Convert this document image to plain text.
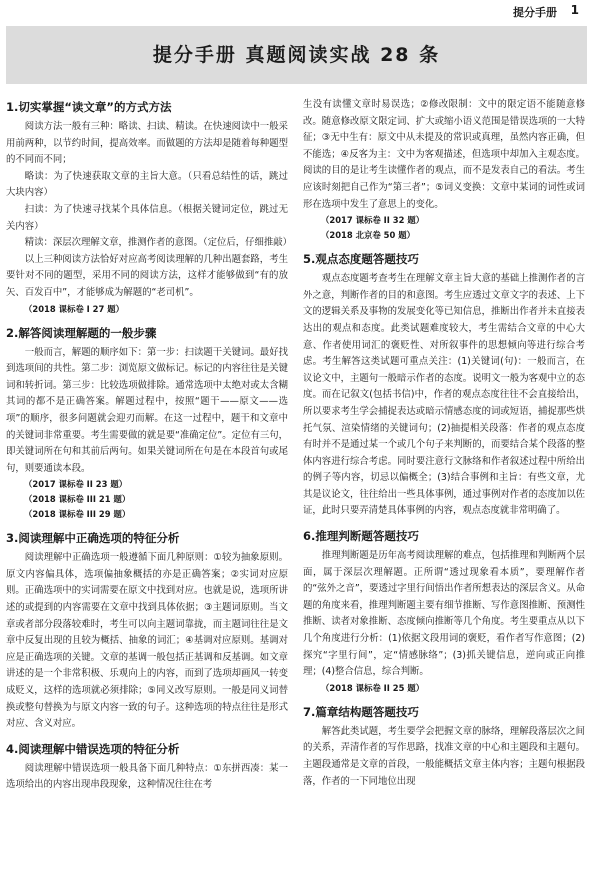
提分手册 1
提分手册 真题阅读实战 28 条
1.切实掌握“读文章”的方式方法

阅读方法一般有三种：略读、扫读、精读。在快速阅读中一般采用前两种，以节约时间，提高效率。而做题的方法却是随着每种题型的不同而不同；

略读：为了快速获取文章的主旨大意。（只看总结性的话，跳过大块内容）

扫读：为了快速寻找某个具体信息。（根据关键词定位，跳过无关内容）

精读：深层次理解文章，推测作者的意图。（定位后，仔细推敲）

以上三种阅读方法恰好对应高考阅读理解的几种出题套路，考生要针对不同的题型，采用不同的阅读方法，这样才能够做到“有的放矢、百发百中”，才能够成为解题的“老司机”。

（2018 课标卷 I 27 题）

2.解答阅读理解题的一般步骤

一般而言，解题的顺序如下：第一步：扫读题干关键词。最好找到选项间的共性。第二步：浏览原文做标记。标记的内容往往是关键词和转折词。第三步：比较选项做排除。通常选项中太绝对或太含糊其词的都不是正确答案。解题过程中，按照“题干——原文——选项”的顺序，很多问题就会迎刃而解。在这一过程中，题干和文章中的关键词非常重要。考生需要做的就是要“准确定位”。定位有三句，即关键词所在句和其前后两句。如果关键词所在句是在本段首句或尾句，则要通读本段。

（2017 课标卷 II 23 题）

（2018 课标卷 III 21 题）

（2018 课标卷 III 29 题）

3.阅读理解中正确选项的特征分析

阅读理解中正确选项一般遵循下面几种原则：①较为抽象原则。原文内容偏具体，选项偏抽象概括的亦是正确答案；②实词对应原则。正确选项中的实词需要在原文中找到对应。也就是说，选项所讲述的或提到的内容需要在文章中找到具体依据；③主题词原则。当文章或者部分段落较难时，考生可以向主题词靠拢，而主题词往往是文章中反复出现的且较为概括、抽象的词汇；④基调对应原则。基调对应是正确选项的关键。文章的基调一般包括正基调和反基调。如文章讲述的是一个非常积极、乐观向上的内容，而到了选项却画风一转变成贬义，这样的选项就必须排除；⑤同义改写原则。一般是同义词替换或整句替换为与原文内容一致的句子。这种选项的特点往往是形式对应、含义对应。

4.阅读理解中错误选项的特征分析

阅读理解中错误选项一般具备下面几种特点：①东拼西凑：某一选项给出的内容出现串段现象，这种情况往往在考

生没有读懂文章时易误选；②修改限制：文中的限定语不能随意修改。随意修改原文限定词、扩大或缩小语义范围是错误选项的一大特征；③无中生有：原文中从未提及的常识或真理，虽然内容正确，但不能选；④反客为主：文中为客观描述，但选项中却加入主观态度。阅读的目的是让考生读懂作者的观点，而不是发表自己的看法。考生应该时刻把自己作为“第三者”；⑤词义变换：文章中某词的词性或词形在选项中发生了意思上的变化。

（2017 课标卷 II 32 题）

（2018 北京卷 50 题）

5.观点态度题答题技巧

观点态度题考查考生在理解文章主旨大意的基础上推测作者的言外之意，判断作者的目的和意图。考生应透过文章文字的表述、上下文的逻辑关系及事物的发展变化等已知信息，推断出作者并未直接表达出的观点和态度。此类试题难度较大，考生需结合文章的中心大意、作者使用词汇的褒贬性、对所叙事件的思想倾向等进行综合考虑。考生解答这类试题可重点关注：(1)关键词(句)：一般而言，在议论文中，主题句一般暗示作者的态度。说明文一般为客观中立的态度。而在记叙文(包括书信)中，作者的观点态度往往不会直接给出，所以要求考生学会捕捉表达或暗示情感态度的词或短语，捕捉那些烘托气氛、渲染情绪的关键词句；(2)抽提相关段落：作者的观点态度有时并不是通过某一个或几个句子来判断的，而要结合某个段落的整体内容进行综合考虑。同时要注意行文脉络和作者叙述过程中所给出的例子等内容，切忌以偏概全；(3)结合事例和主旨：有些文章，尤其是议论文，往往给出一些具体事例，通过事例对作者的态度加以佐证，此时只要弄清楚具体事例的内容，观点态度就非常明确了。

6.推理判断题答题技巧

推理判断题是历年高考阅读理解的难点，包括推理和判断两个层面，属于深层次理解题。正所谓“透过现象看本质”，要理解作者的“弦外之音”，要透过字里行间悟出作者所想表达的深层含义。从命题的角度来看，推理判断题主要有细节推断、写作意图推断、预测性推断、读者对象推断、态度倾向推断等几个角度。考生要重点从以下几个角度进行分析：(1)依据文段用词的褒贬，看作者写作意图；(2)探究“字里行间”，定“情感脉络”；(3)抓关键信息，逆向或正向推理；(4)整合信息，综合判断。

（2018 课标卷 II 25 题）

7.篇章结构题答题技巧

解答此类试题，考生要学会把握文章的脉络，理解段落层次之间的关系，弄清作者的写作思路，找准文章的中心和主题段和主题句。主题段通常是文章的首段，一般能概括文章主体内容；主题句根据段落，作者的一下同地位出现
